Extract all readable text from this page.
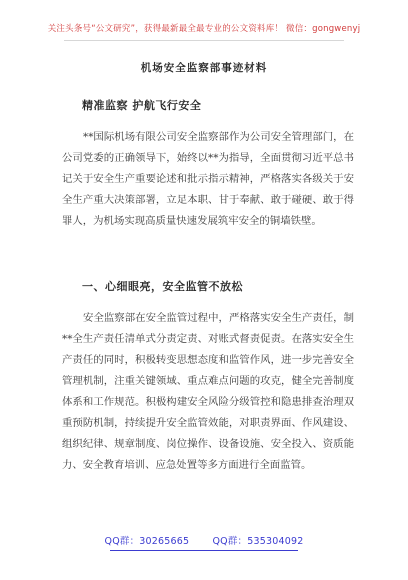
关注头条号“公文研究”，获得最新最全最专业的公文资料库！ 微信：gongwenyj
机场安全监察部事迹材料
精准监察 护航飞行安全
**国际机场有限公司安全监察部作为公司安全管理部门，在公司党委的正确领导下，始终以**为指导，全面贯彻习近平总书记关于安全生产重要论述和批示指示精神，严格落实各级关于安全生产重大决策部署，立足本职、甘于奉献、敢于碰硬、敢于得罪人，为机场实现高质量快速发展筑牢安全的铜墙铁壁。
一、心细眼亮，安全监管不放松
安全监察部在安全监管过程中，严格落实安全生产责任，制**全生产责任清单式分责定责、对账式督责促责。在落实安全生产责任的同时，积极转变思想态度和监管作风，进一步完善安全管理机制，注重关键领域、重点难点问题的攻克，健全完善制度体系和工作规范。积极构建安全风险分级管控和隐患排查治理双重预防机制，持续提升安全监管效能，对职责界面、作风建设、组织纪律、规章制度、岗位操作、设备设施、安全投入、资质能力、安全教育培训、应急处置等多方面进行全面监管。
QQ群：30265665 QQ群：535304092
